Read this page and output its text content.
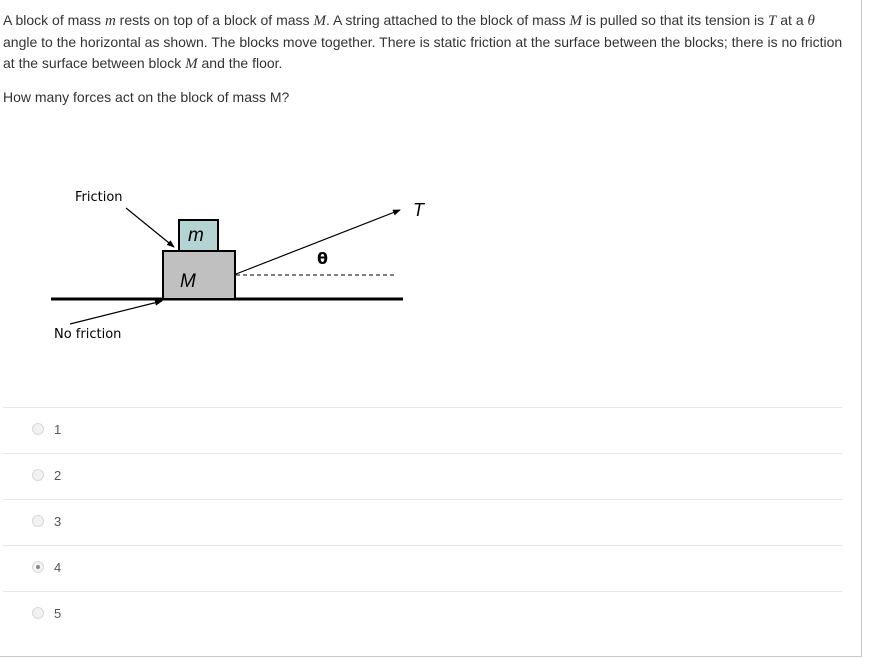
A block of mass m rests on top of a block of mass M. A string attached to the block of mass M is pulled so that its tension is T at a θ angle to the horizontal as shown. The blocks move together. There is static friction at the surface between the blocks; there is no friction at the surface between block M and the floor.

How many forces act on the block of mass M?

M
m
T
θ
Friction
No friction
1
2
3
4
5
